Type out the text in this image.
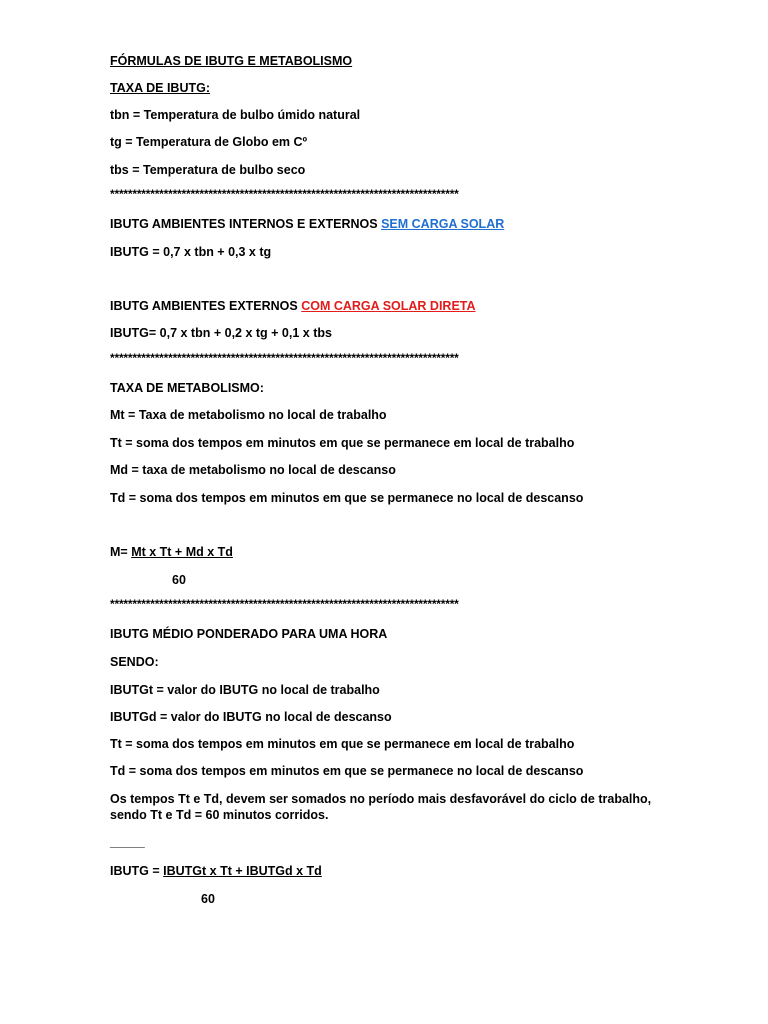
FÓRMULAS DE IBUTG E METABOLISMO
TAXA DE IBUTG:
tbn = Temperatura de bulbo úmido natural
tg = Temperatura de Globo em Cº
tbs = Temperatura de bulbo seco
******************************************************************************
IBUTG AMBIENTES INTERNOS E EXTERNOS SEM CARGA SOLAR
IBUTG = 0,7 x tbn + 0,3 x tg
IBUTG AMBIENTES EXTERNOS COM CARGA SOLAR DIRETA
IBUTG= 0,7 x tbn + 0,2 x tg + 0,1 x tbs
******************************************************************************
TAXA DE METABOLISMO:
Mt = Taxa de metabolismo no local de trabalho
Tt = soma dos tempos em minutos em que se permanece em local de trabalho
Md = taxa de metabolismo no local de descanso
Td = soma dos tempos em minutos em que se permanece no local de descanso
M= Mt x Tt + Md x Td
60
******************************************************************************
IBUTG MÉDIO PONDERADO PARA UMA HORA
SENDO:
IBUTGt = valor do IBUTG no local de trabalho
IBUTGd = valor do IBUTG no local de descanso
Tt = soma dos tempos em minutos em que se permanece em local de trabalho
Td = soma dos tempos em minutos em que se permanece no local de descanso
Os tempos Tt e Td, devem ser somados no período mais desfavorável do ciclo de trabalho,
sendo Tt e Td = 60 minutos corridos.
_____
IBUTG = IBUTGt x Tt + IBUTGd x Td
60
